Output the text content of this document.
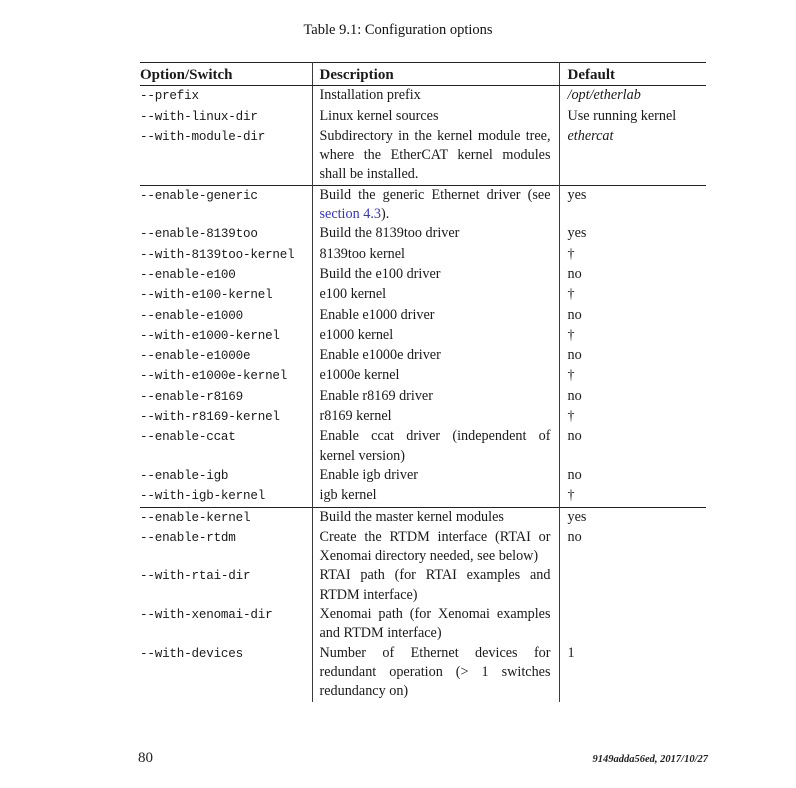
Table 9.1: Configuration options
Option/Switch	Description	Default
--prefix	Installation prefix	/opt/etherlab
--with-linux-dir	Linux kernel sources	Use running kernel
--with-module-dir	Subdirectory in the kernel module tree, where the EtherCAT kernel modules shall be installed.	ethercat
--enable-generic	Build the generic Ethernet driver (see section 4.3).	yes
--enable-8139too	Build the 8139too driver	yes
--with-8139too-kernel	8139too kernel	†
--enable-e100	Build the e100 driver	no
--with-e100-kernel	e100 kernel	†
--enable-e1000	Enable e1000 driver	no
--with-e1000-kernel	e1000 kernel	†
--enable-e1000e	Enable e1000e driver	no
--with-e1000e-kernel	e1000e kernel	†
--enable-r8169	Enable r8169 driver	no
--with-r8169-kernel	r8169 kernel	†
--enable-ccat	Enable ccat driver (independent of kernel version)	no
--enable-igb	Enable igb driver	no
--with-igb-kernel	igb kernel	†
--enable-kernel	Build the master kernel modules	yes
--enable-rtdm	Create the RTDM interface (RTAI or Xenomai directory needed, see below)	no
--with-rtai-dir	RTAI path (for RTAI examples and RTDM interface)	

--with-xenomai-dir	Xenomai path (for Xenomai examples and RTDM interface)	

--with-devices	Number of Ethernet devices for redundant operation (> 1 switches redundancy on)	1
80	9149adda56ed, 2017/10/27
